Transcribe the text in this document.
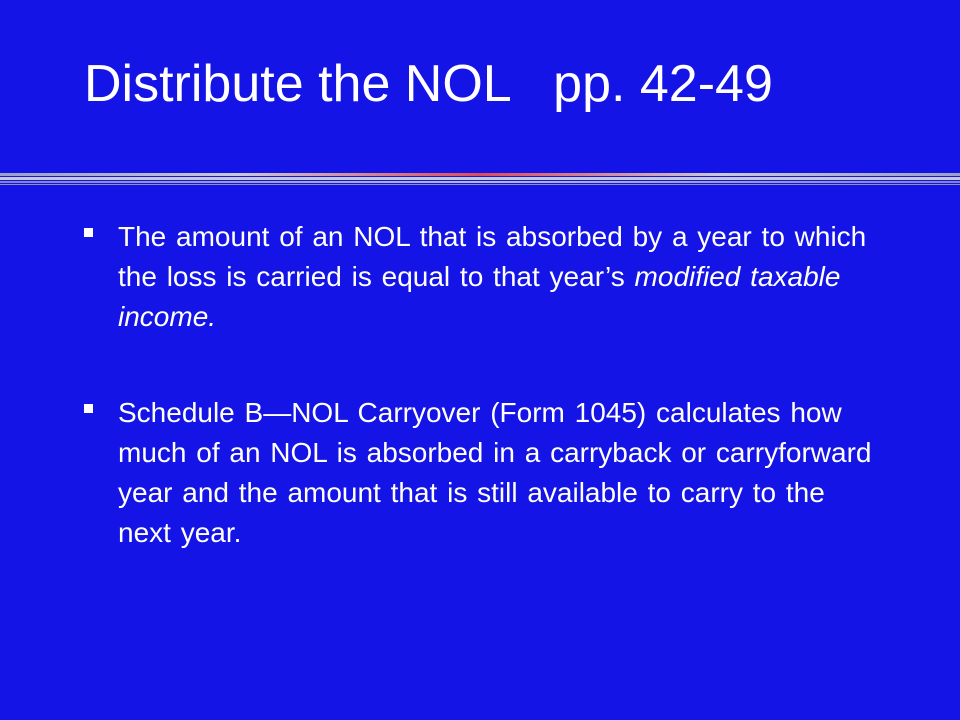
Distribute the NOL   pp. 42-49
The amount of an NOL that is absorbed by a year to which the loss is carried is equal to that year’s modified taxable income.
Schedule B—NOL Carryover (Form 1045) calculates how much of an NOL is absorbed in a carryback or carryforward year and the amount that is still available to carry to the next year.
